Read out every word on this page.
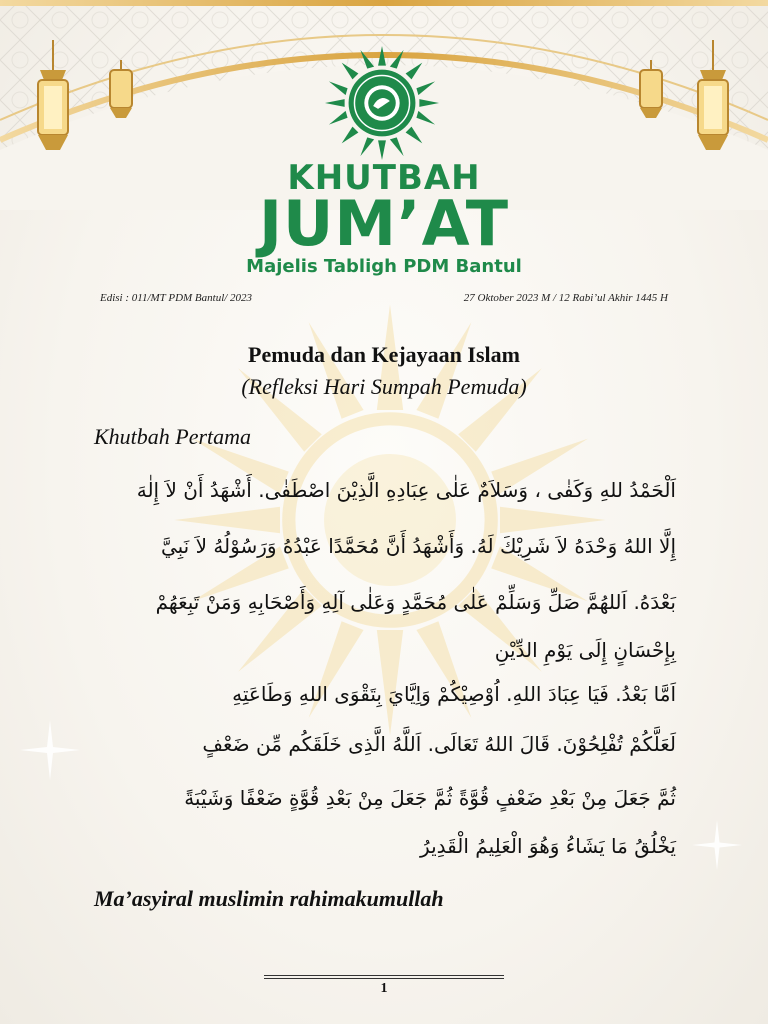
KHUTBAH
JUM’AT
Majelis Tabligh PDM Bantul
Edisi : 011/MT PDM Bantul/ 2023	27 Oktober 2023 M / 12 Rabi’ul Akhir 1445 H
Pemuda dan Kejayaan Islam
(Refleksi Hari Sumpah Pemuda)
Khutbah Pertama
اَلْحَمْدُ للهِ وَكَفٰى ، وَسَلاَمٌ عَلٰى عِبَادِهِ الَّذِيْنَ اصْطَفٰى. أَشْهَدُ أَنْ لاَ إِلٰهَ
إِلَّا اللهُ وَحْدَهُ لاَ شَرِيْكَ لَهُ. وَأَشْهَدُ أَنَّ مُحَمَّدًا عَبْدُهُ وَرَسُوْلُهُ لاَ نَبِيَّ
بَعْدَهُ. اَللهُمَّ صَلِّ وَسَلِّمْ عَلٰى مُحَمَّدٍ وَعَلٰى آلِهِ وَأَصْحَابِهِ وَمَنْ تَبِعَهُمْ
بِإِحْسَانٍ إِلَى يَوْمِ الدِّيْنِ
اَمَّا بَعْدُ. فَيَا عِبَادَ اللهِ. اُوْصِيْكُمْ وَاِيَّايَ بِتَقْوَى اللهِ وَطَاعَتِهِ
لَعَلَّكُمْ تُفْلِحُوْنَ. قَالَ اللهُ تَعَالَى. اَللَّهُ الَّذِى خَلَقَكُم مِّن ضَعْفٍ
ثُمَّ جَعَلَ مِنْ بَعْدِ ضَعْفٍ قُوَّةً ثُمَّ جَعَلَ مِنْ بَعْدِ قُوَّةٍ ضَعْفًا وَشَيْبَةً
يَخْلُقُ مَا يَشَاءُ وَهُوَ الْعَلِيمُ الْقَدِيرُ
Ma’asyiral muslimin rahimakumullah
1
